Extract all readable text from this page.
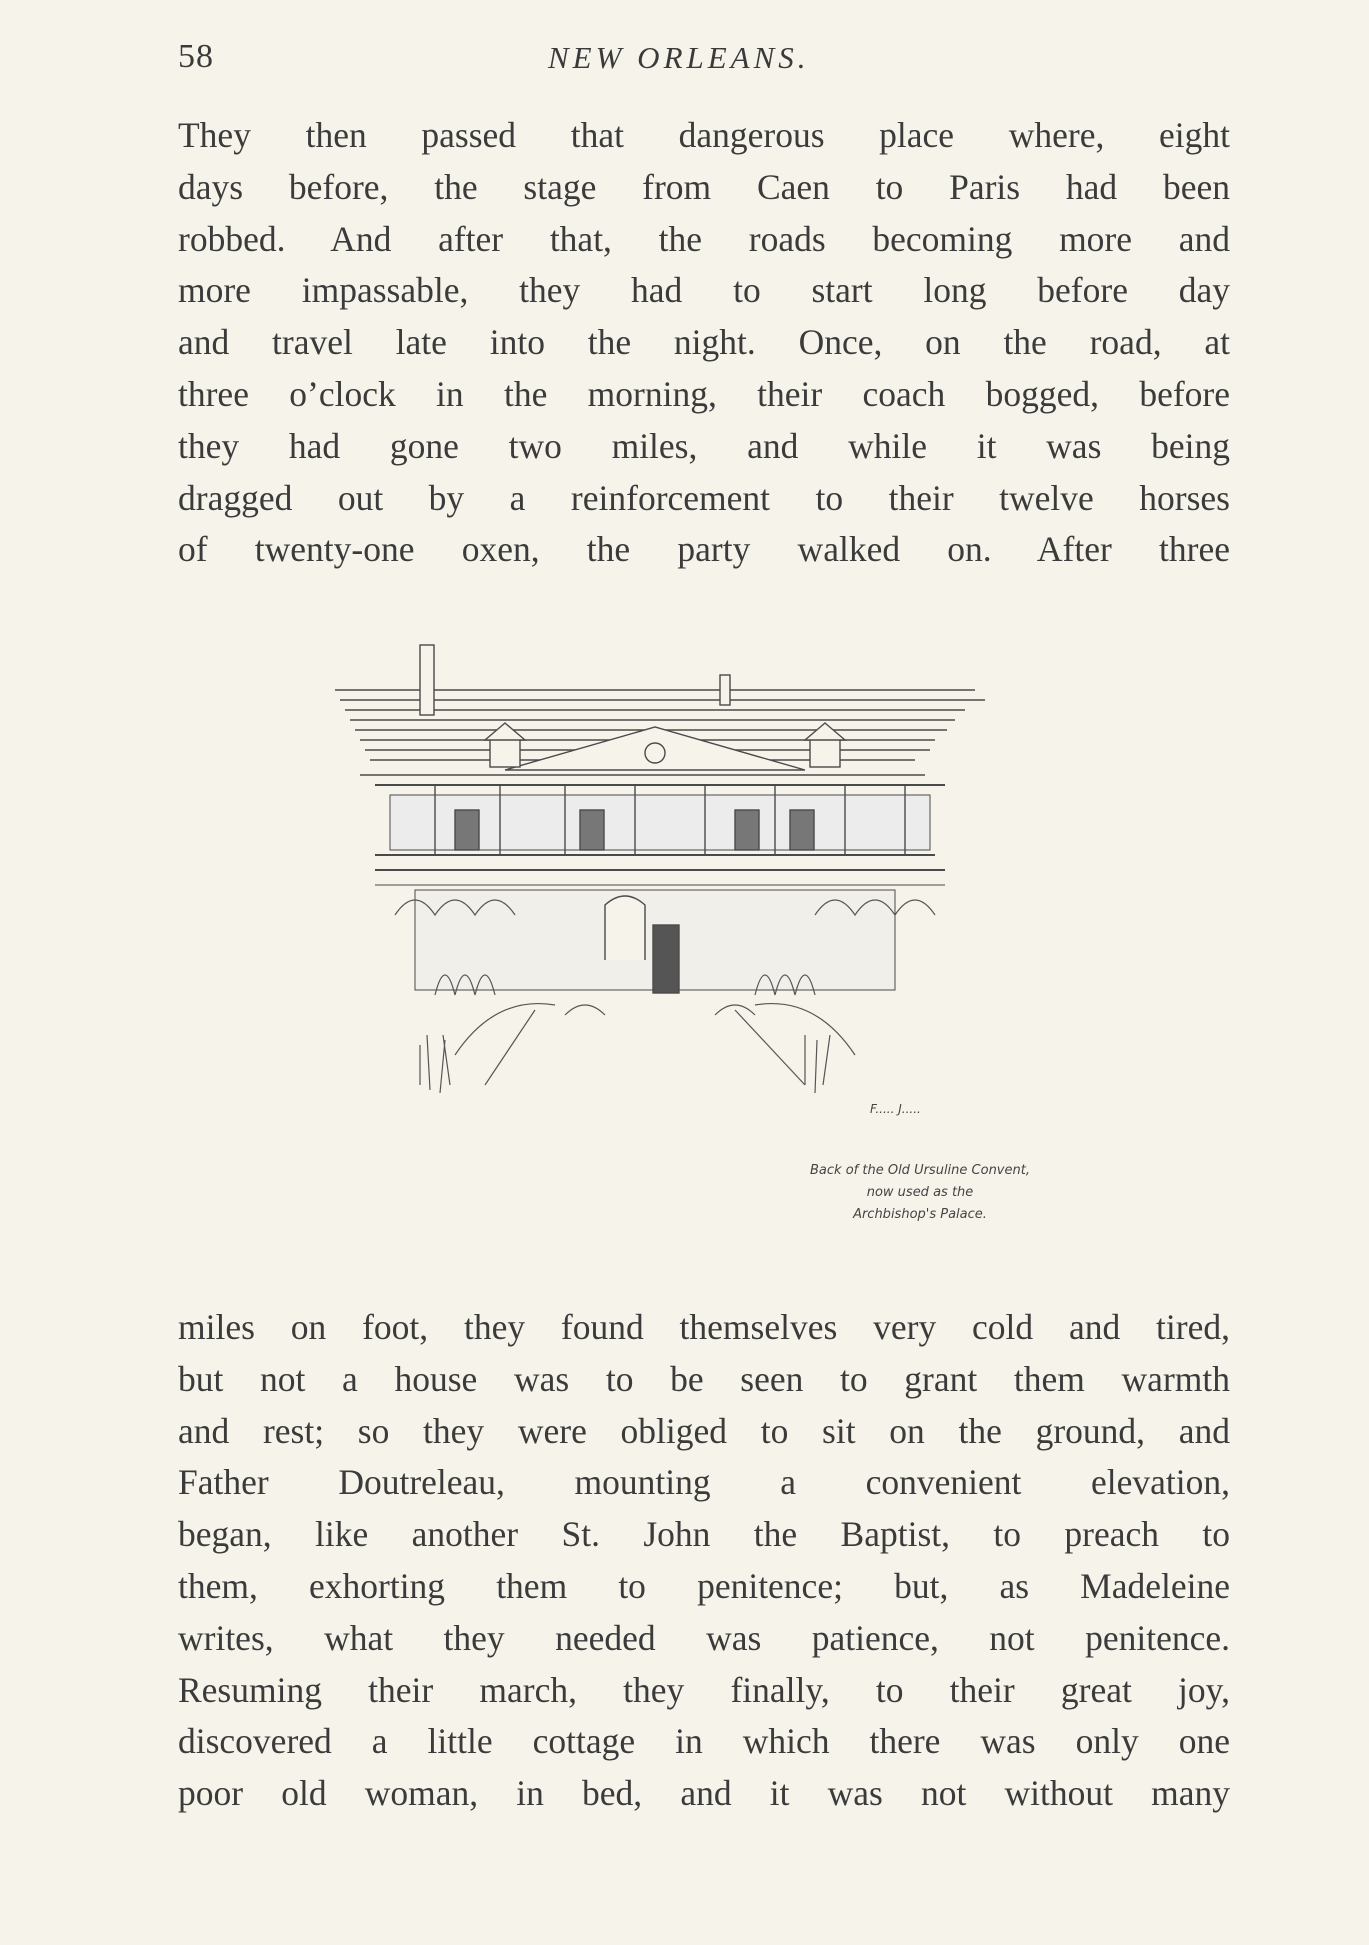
58	NEW ORLEANS.
They then passed that dangerous place where, eight
days before, the stage from Caen to Paris had been
robbed. And after that, the roads becoming more and
more impassable, they had to start long before day
and travel late into the night. Once, on the road, at
three o’clock in the morning, their coach bogged, before
they had gone two miles, and while it was being
dragged out by a reinforcement to their twelve horses
of twenty-one oxen, the party walked on. After three
F..... J.....
Back of the Old Ursuline Convent,
now used as the
Archbishop's Palace.
miles on foot, they found themselves very cold and tired,
but not a house was to be seen to grant them warmth
and rest; so they were obliged to sit on the ground, and
Father Doutreleau, mounting a convenient elevation,
began, like another St. John the Baptist, to preach to
them, exhorting them to penitence; but, as Madeleine
writes, what they needed was patience, not penitence.
Resuming their march, they finally, to their great joy,
discovered a little cottage in which there was only one
poor old woman, in bed, and it was not without many
